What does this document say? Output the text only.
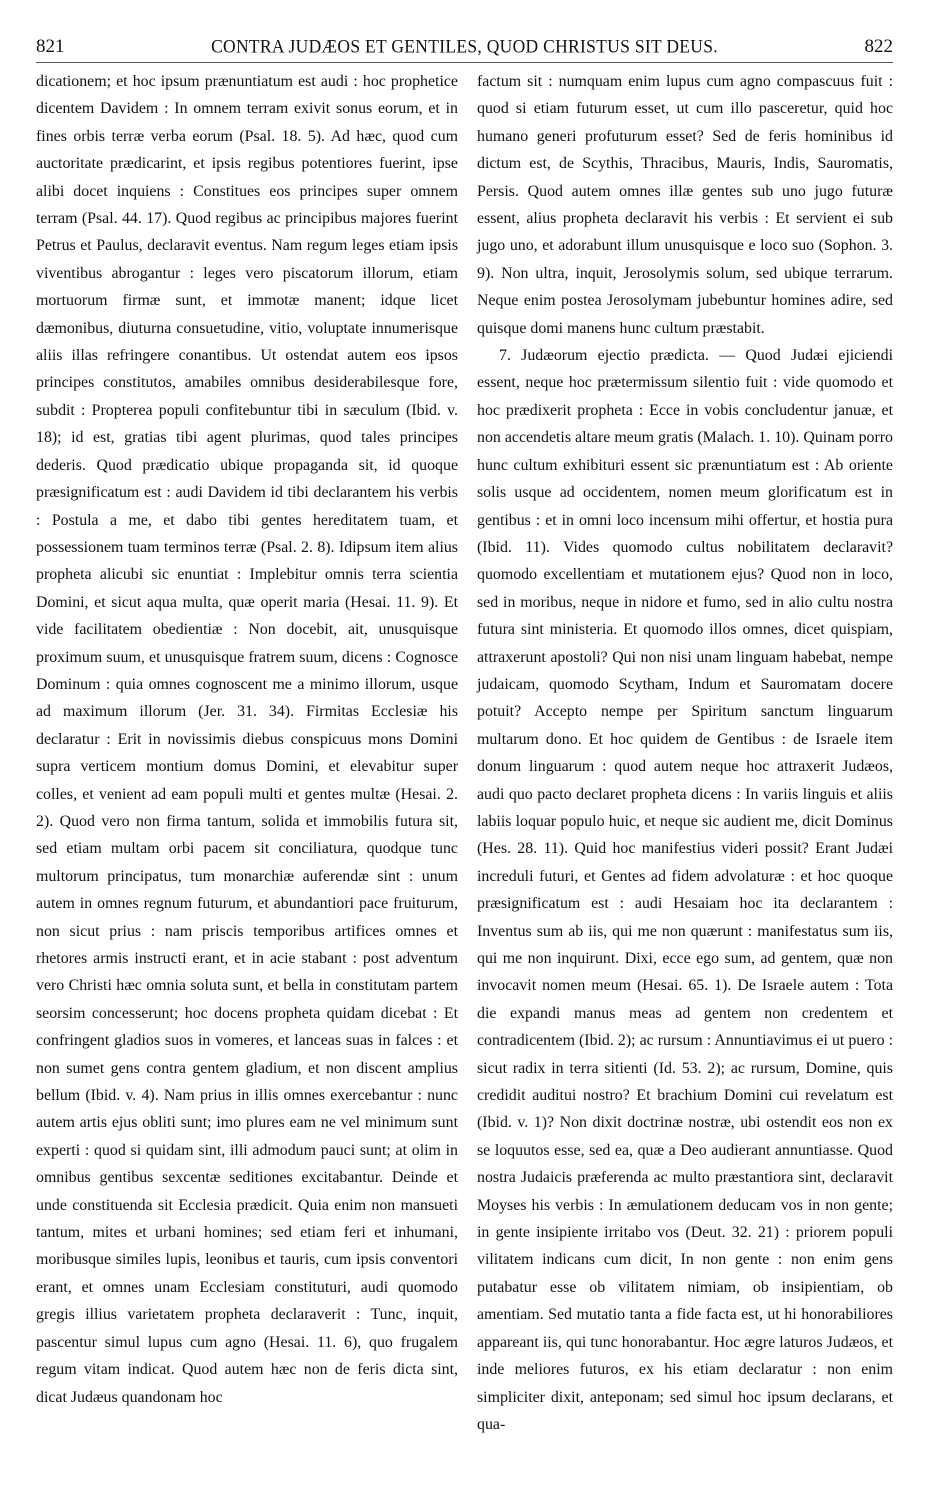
821	CONTRA JUDÆOS ET GENTILES, QUOD CHRISTUS SIT DEUS.	822

dicationem; et hoc ipsum prænuntiatum est audi : hoc prophetice dicentem Davidem : In omnem terram exivit sonus eorum, et in fines orbis terræ verba eorum (Psal. 18. 5). Ad hæc, quod cum auctoritate prædicarint, et ipsis regibus potentiores fuerint, ipse alibi docet inquiens : Constitues eos principes super omnem terram (Psal. 44. 17). Quod regibus ac principibus majores fuerint Petrus et Paulus, declaravit eventus. Nam regum leges etiam ipsis viventibus abrogantur : leges vero piscatorum illorum, etiam mortuorum firmæ sunt, et immotæ manent; idque licet dæmonibus, diuturna consuetudine, vitio, voluptate innumerisque aliis illas refringere conantibus. Ut ostendat autem eos ipsos principes constitutos, amabiles omnibus desiderabilesque fore, subdit : Propterea populi confitebuntur tibi in sæculum (Ibid. v. 18); id est, gratias tibi agent plurimas, quod tales principes dederis. Quod prædicatio ubique propaganda sit, id quoque præsignificatum est : audi Davidem id tibi declarantem his verbis : Postula a me, et dabo tibi gentes hereditatem tuam, et possessionem tuam terminos terræ (Psal. 2. 8). Idipsum item alius propheta alicubi sic enuntiat : Implebitur omnis terra scientia Domini, et sicut aqua multa, quæ operit maria (Hesai. 11. 9). Et vide facilitatem obedientiæ : Non docebit, ait, unusquisque proximum suum, et unusquisque fratrem suum, dicens : Cognosce Dominum : quia omnes cognoscent me a minimo illorum, usque ad maximum illorum (Jer. 31. 34). Firmitas Ecclesiæ his declaratur : Erit in novissimis diebus conspicuus mons Domini supra verticem montium domus Domini, et elevabitur super colles, et venient ad eam populi multi et gentes multæ (Hesai. 2. 2). Quod vero non firma tantum, solida et immobilis futura sit, sed etiam multam orbi pacem sit conciliatura, quodque tunc multorum principatus, tum monarchiæ auferendæ sint : unum autem in omnes regnum futurum, et abundantiori pace fruiturum, non sicut prius : nam priscis temporibus artifices omnes et rhetores armis instructi erant, et in acie stabant : post adventum vero Christi hæc omnia soluta sunt, et bella in constitutam partem seorsim concesserunt; hoc docens propheta quidam dicebat : Et confringent gladios suos in vomeres, et lanceas suas in falces : et non sumet gens contra gentem gladium, et non discent amplius bellum (Ibid. v. 4). Nam prius in illis omnes exercebantur : nunc autem artis ejus obliti sunt; imo plures eam ne vel minimum sunt experti : quod si quidam sint, illi admodum pauci sunt; at olim in omnibus gentibus sexcentæ seditiones excitabantur. Deinde et unde constituenda sit Ecclesia prædicit. Quia enim non mansueti tantum, mites et urbani homines; sed etiam feri et inhumani, moribusque similes lupis, leonibus et tauris, cum ipsis conventori erant, et omnes unam Ecclesiam constituturi, audi quomodo gregis illius varietatem propheta declaraverit : Tunc, inquit, pascentur simul lupus cum agno (Hesai. 11. 6), quo frugalem regum vitam indicat. Quod autem hæc non de feris dicta sint, dicat Judæus quandonam hoc

factum sit : numquam enim lupus cum agno compascuus fuit : quod si etiam futurum esset, ut cum illo pasceretur, quid hoc humano generi profuturum esset? Sed de feris hominibus id dictum est, de Scythis, Thracibus, Mauris, Indis, Sauromatis, Persis. Quod autem omnes illæ gentes sub uno jugo futuræ essent, alius propheta declaravit his verbis : Et servient ei sub jugo uno, et adorabunt illum unusquisque e loco suo (Sophon. 3. 9). Non ultra, inquit, Jerosolymis solum, sed ubique terrarum. Neque enim postea Jerosolymam jubebuntur homines adire, sed quisque domi manens hunc cultum præstabit.

7. Judæorum ejectio prædicta. — Quod Judæi ejiciendi essent, neque hoc prætermissum silentio fuit : vide quomodo et hoc prædixerit propheta : Ecce in vobis concludentur januæ, et non accendetis altare meum gratis (Malach. 1. 10). Quinam porro hunc cultum exhibituri essent sic prænuntiatum est : Ab oriente solis usque ad occidentem, nomen meum glorificatum est in gentibus : et in omni loco incensum mihi offertur, et hostia pura (Ibid. 11). Vides quomodo cultus nobilitatem declaravit? quomodo excellentiam et mutationem ejus? Quod non in loco, sed in moribus, neque in nidore et fumo, sed in alio cultu nostra futura sint ministeria. Et quomodo illos omnes, dicet quispiam, attraxerunt apostoli? Qui non nisi unam linguam habebat, nempe judaicam, quomodo Scytham, Indum et Sauromatam docere potuit? Accepto nempe per Spiritum sanctum linguarum multarum dono. Et hoc quidem de Gentibus : de Israele item donum linguarum : quod autem neque hoc attraxerit Judæos, audi quo pacto declaret propheta dicens : In variis linguis et aliis labiis loquar populo huic, et neque sic audient me, dicit Dominus (Hes. 28. 11). Quid hoc manifestius videri possit? Erant Judæi increduli futuri, et Gentes ad fidem advolaturæ : et hoc quoque præsignificatum est : audi Hesaiam hoc ita declarantem : Inventus sum ab iis, qui me non quærunt : manifestatus sum iis, qui me non inquirunt. Dixi, ecce ego sum, ad gentem, quæ non invocavit nomen meum (Hesai. 65. 1). De Israele autem : Tota die expandi manus meas ad gentem non credentem et contradicentem (Ibid. 2); ac rursum : Annuntiavimus ei ut puero : sicut radix in terra sitienti (Id. 53. 2); ac rursum, Domine, quis credidit auditui nostro? Et brachium Domini cui revelatum est (Ibid. v. 1)? Non dixit doctrinæ nostræ, ubi ostendit eos non ex se loquutos esse, sed ea, quæ a Deo audierant annuntiasse. Quod nostra Judaicis præferenda ac multo præstantiora sint, declaravit Moyses his verbis : In æmulationem deducam vos in non gente; in gente insipiente irritabo vos (Deut. 32. 21) : priorem populi vilitatem indicans cum dicit, In non gente : non enim gens putabatur esse ob vilitatem nimiam, ob insipientiam, ob amentiam. Sed mutatio tanta a fide facta est, ut hi honorabiliores appareant iis, qui tunc honorabantur. Hoc ægre laturos Judæos, et inde meliores futuros, ex his etiam declaratur : non enim simpliciter dixit, anteponam; sed simul hoc ipsum declarans, et qua-
